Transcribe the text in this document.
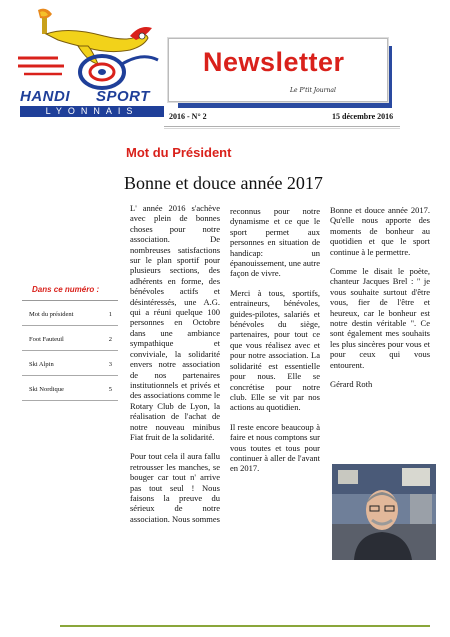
HANDI SPORT
LYONNAIS
Newsletter
Le P'tit Journal
2016 - N° 2	15 décembre 2016
Mot du Président
Bonne et douce année 2017
Dans ce numéro :
Mot du président	1
Foot Fauteuil	2
Ski Alpin	3
Ski Nordique	5

L' année 2016 s'achève avec plein de bonnes choses pour notre association. De nombreuses satisfactions sur le plan sportif pour plusieurs sections, des adhérents en forme, des bénévoles actifs et désintéressés, une A.G. qui a réuni quelque 100 personnes en Octobre dans une ambiance sympathique et conviviale, la solidarité envers notre association de nos partenaires institutionnels et privés et des associations comme le Rotary Club de Lyon, la réalisation de l'achat de notre nouveau minibus Fiat fruit de la solidarité.

Pour tout cela il aura fallu retrousser les manches, se bouger car tout n' arrive pas tout seul ! Nous faisons la preuve du sérieux de notre association. Nous sommes

reconnus pour notre dynamisme et ce que le sport permet aux personnes en situation de handicap: un épanouissement, une autre façon de vivre.

Merci à tous, sportifs, entraineurs, bénévoles, guides-pilotes, salariés et bénévoles du siège, partenaires, pour tout ce que vous réalisez avec et pour notre association. La solidarité est essentielle pour nous. Elle se concrétise pour notre club. Elle se vit par nos actions au quotidien.

Il reste encore beaucoup à faire et nous comptons sur vous toutes et tous pour continuer à aller de l'avant en 2017.

Bonne et douce année 2017. Qu'elle nous apporte des moments de bonheur au quotidien et que le sport continue à le permettre.

Comme le disait le poète, chanteur Jacques Brel : " je vous souhaite surtout d'être vous, fier de l'être et heureux, car le bonheur est notre destin véritable ". Ce sont également mes souhaits les plus sincères pour vous et pour ceux qui vous entourent.

Gérard Roth
